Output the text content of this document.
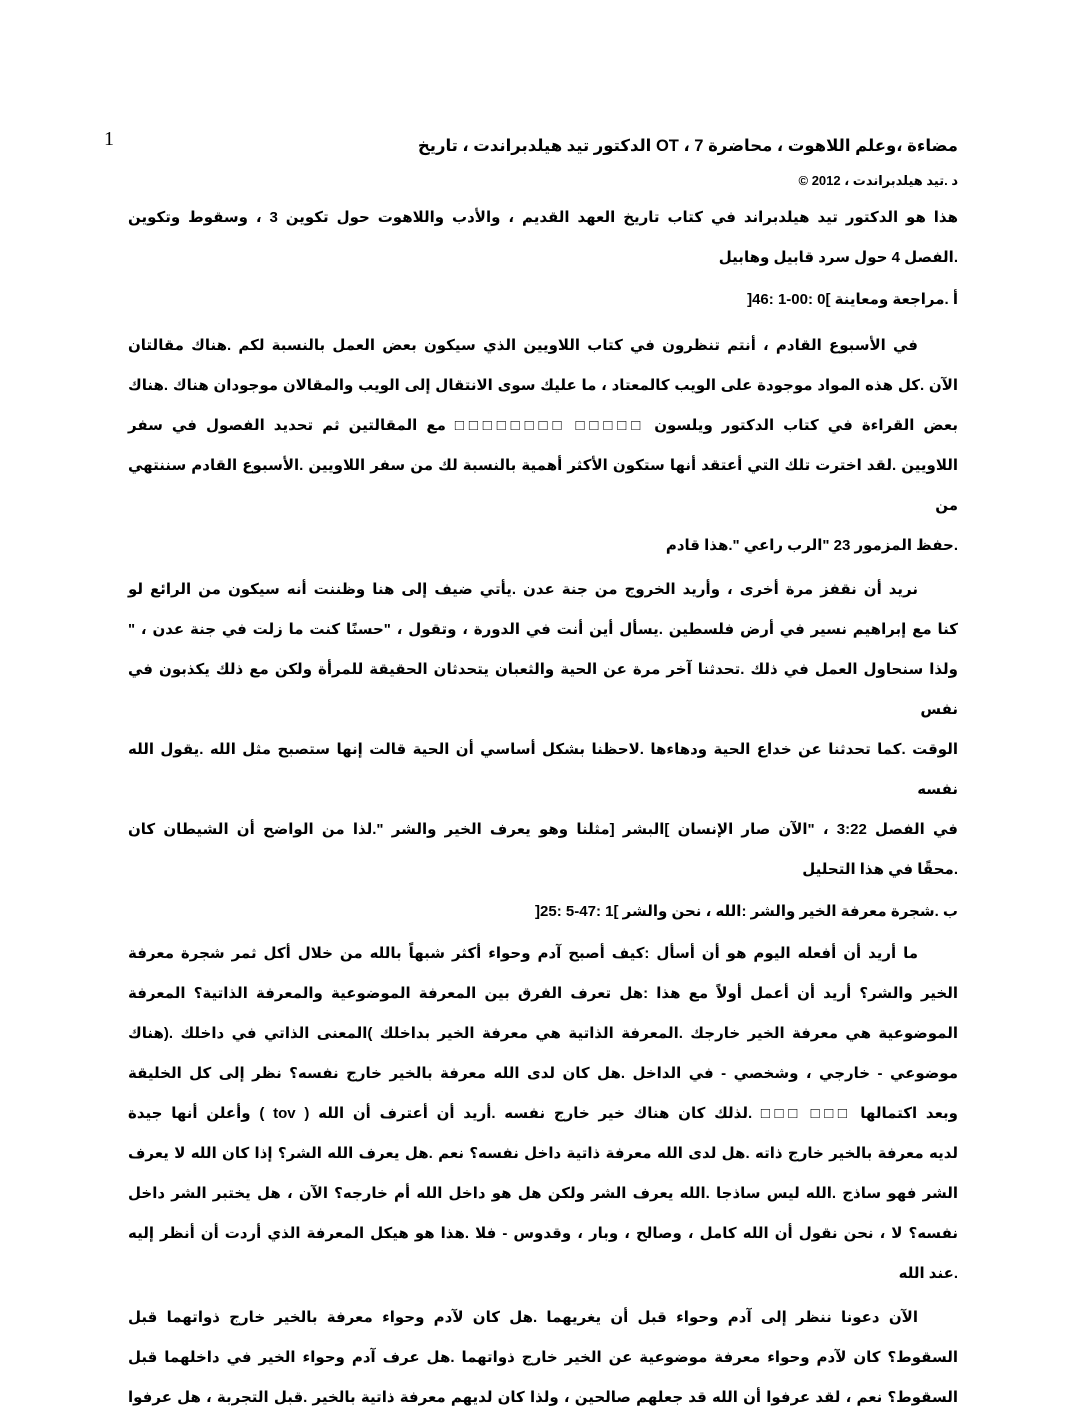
1	مضاءة ،وعلم اللاهوت ، محاضرة 7 ، OT الدكتور تيد هيلدبراندت ، تاريخ
د .تيد هيلدبراندت ، 2012 ©
هذا هو الدكتور تيد هيلدبراند في كتاب تاريخ العهد القديم ، والأدب واللاهوت حول تكوين 3 ، وسقوط وتكوين
.الفصل 4 حول سرد قابيل وهابيل
أ .مراجعة ومعاينة ]0 :00-1 :46[
في الأسبوع القادم ، أنتم تنظرون في كتاب اللاويين الذي سيكون بعض العمل بالنسبة لكم .هناك مقالتان
الآن .كل هذه المواد موجودة على الويب كالمعتاد ، ما عليك سوى الانتقال إلى الويب والمقالان موجودان هناك .هناك
بعض القراءة في كتاب الدكتور ويلسون □□□□□ □□□□□□□□ مع المقالتين ثم تحديد الفصول في سفر
اللاويين .لقد اخترت تلك التي أعتقد أنها ستكون الأكثر أهمية بالنسبة لك من سفر اللاويين .الأسبوع القادم سننتهي من
.حفظ المزمور 23 "الرب راعي ".هذا قادم
نريد أن نقفز مرة أخرى ، وأريد الخروج من جنة عدن .يأتي ضيف إلى هنا وظننت أنه سيكون من الرائع لو
كنا مع إبراهيم نسير في أرض فلسطين .يسأل أين أنت في الدورة ، وتقول ، "حسنًا كنت ما زلت في جنة عدن ، "
ولذا سنحاول العمل في ذلك .تحدثنا آخر مرة عن الحية والثعبان يتحدثان الحقيقة للمرأة ولكن مع ذلك يكذبون في نفس
الوقت .كما تحدثنا عن خداع الحية ودهاءها .لاحظنا بشكل أساسي أن الحية قالت إنها ستصبح مثل الله .يقول الله نفسه
في الفصل 3:22 ، "الآن صار الإنسان ]البشر [مثلنا وهو يعرف الخير والشر ".لذا من الواضح أن الشيطان كان
.محقًا في هذا التحليل
ب .شجرة معرفة الخير والشر :الله ، نحن والشر ]1 :47-5 :25[
ما أريد أن أفعله اليوم هو أن أسأل :كيف أصبح آدم وحواء أكثر شبهاً بالله من خلال أكل ثمر شجرة معرفة
الخير والشر؟ أريد أن أعمل أولاً مع هذا :هل تعرف الفرق بين المعرفة الموضوعية والمعرفة الذاتية؟ المعرفة
الموضوعية هي معرفة الخير خارجك .المعرفة الذاتية هي معرفة الخير بداخلك )المعنى الذاتي في داخلك .(هناك
موضوعي - خارجي ، وشخصي - في الداخل .هل كان لدى الله معرفة بالخير خارج نفسه؟ نظر إلى كل الخليقة
وبعد اكتمالها □□□ □□□ .لذلك كان هناك خير خارج نفسه .أريد أن أعترف أن الله ( tov ) وأعلن أنها جيدة
لديه معرفة بالخير خارج ذاته .هل لدى الله معرفة ذاتية داخل نفسه؟ نعم .هل يعرف الله الشر؟ إذا كان الله لا يعرف
الشر فهو ساذج .الله ليس ساذجا .الله يعرف الشر ولكن هل هو داخل الله أم خارجه؟ الآن ، هل يختبر الشر داخل
نفسه؟ لا ، نحن نقول أن الله كامل ، وصالح ، وبار ، وقدوس - فلا .هذا هو هيكل المعرفة الذي أردت أن أنظر إليه
.عند الله
الآن دعونا ننظر إلى آدم وحواء قبل أن يغريهما .هل كان لآدم وحواء معرفة بالخير خارج ذواتهما قبل
السقوط؟ كان لآدم وحواء معرفة موضوعية عن الخير خارج ذواتهما .هل عرف آدم وحواء الخير في داخلهما قبل
السقوط؟ نعم ، لقد عرفوا أن الله قد جعلهم صالحين ، ولذا كان لديهم معرفة ذاتية بالخير .قبل التجربة ، هل عرفوا
